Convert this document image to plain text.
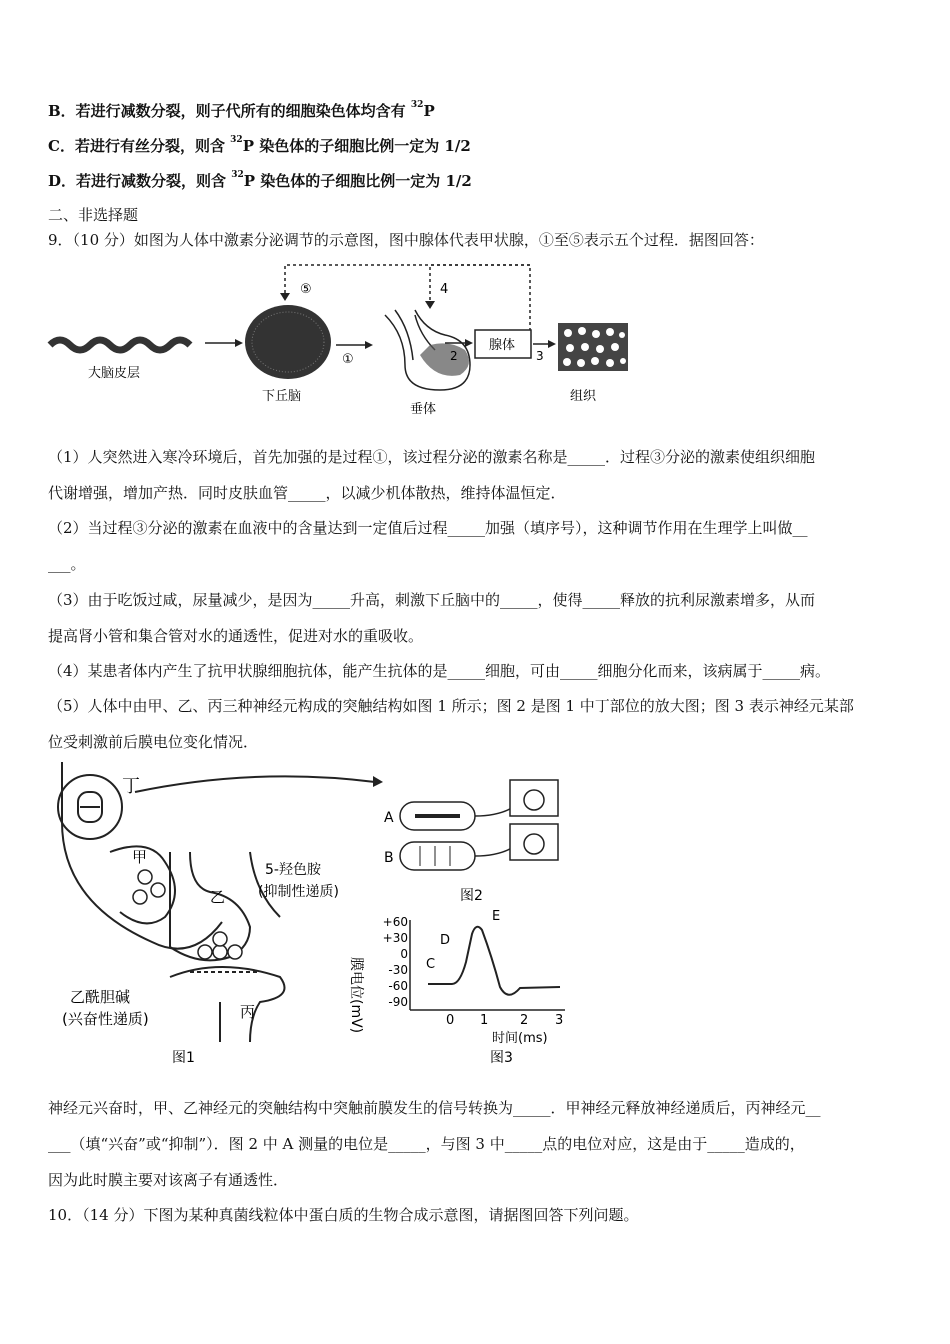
B．若进行减数分裂，则子代所有的细胞染色体均含有 $^{32}$P
C．若进行有丝分裂，则含 $^{32}$P 染色体的子细胞比例一定为 1/2
D．若进行减数分裂，则含 $^{32}$P 染色体的子细胞比例一定为 1/2
二、非选择题
9．（10 分）如图为人体中激素分泌调节的示意图，图中腺体代表甲状腺，①至⑤表示五个过程．据图回答：
⑤	4
大脑皮层
下丘脑
①
垂体
2
腺体
3
组织
（1）人突然进入寒冷环境后，首先加强的是过程①，该过程分泌的激素名称是_____．过程③分泌的激素使组织细胞
代谢增强，增加产热．同时皮肤血管_____，以减少机体散热，维持体温恒定．
（2）当过程③分泌的激素在血液中的含量达到一定值后过程_____加强（填序号），这种调节作用在生理学上叫做__
___。
（3）由于吃饭过咸，尿量减少，是因为_____升高，刺激下丘脑中的_____，使得_____释放的抗利尿激素增多，从而
提高肾小管和集合管对水的通透性，促进对水的重吸收。
（4）某患者体内产生了抗甲状腺细胞抗体，能产生抗体的是_____细胞，可由_____细胞分化而来，该病属于_____病。
（5）人体中由甲、乙、丙三种神经元构成的突触结构如图 1 所示；图 2 是图 1 中丁部位的放大图；图 3 表示神经元某部
位受刺激前后膜电位变化情况．
丁
甲
乙
丙
5-羟色胺
(抑制性递质)
乙酰胆碱
(兴奋性递质)
图1
A
B
图2
膜电位(mV)
+60
+30
0
-30
-60
-90
0 1 2 3
时间(ms)
C
D
E
图3
神经元兴奋时，甲、乙神经元的突触结构中突触前膜发生的信号转换为_____．甲神经元释放神经递质后，丙神经元__
___（填“兴奋”或“抑制”）．图 2 中 A 测量的电位是_____，与图 3 中_____点的电位对应，这是由于_____造成的，
因为此时膜主要对该离子有通透性．
10．（14 分）下图为某种真菌线粒体中蛋白质的生物合成示意图，请据图回答下列问题。
